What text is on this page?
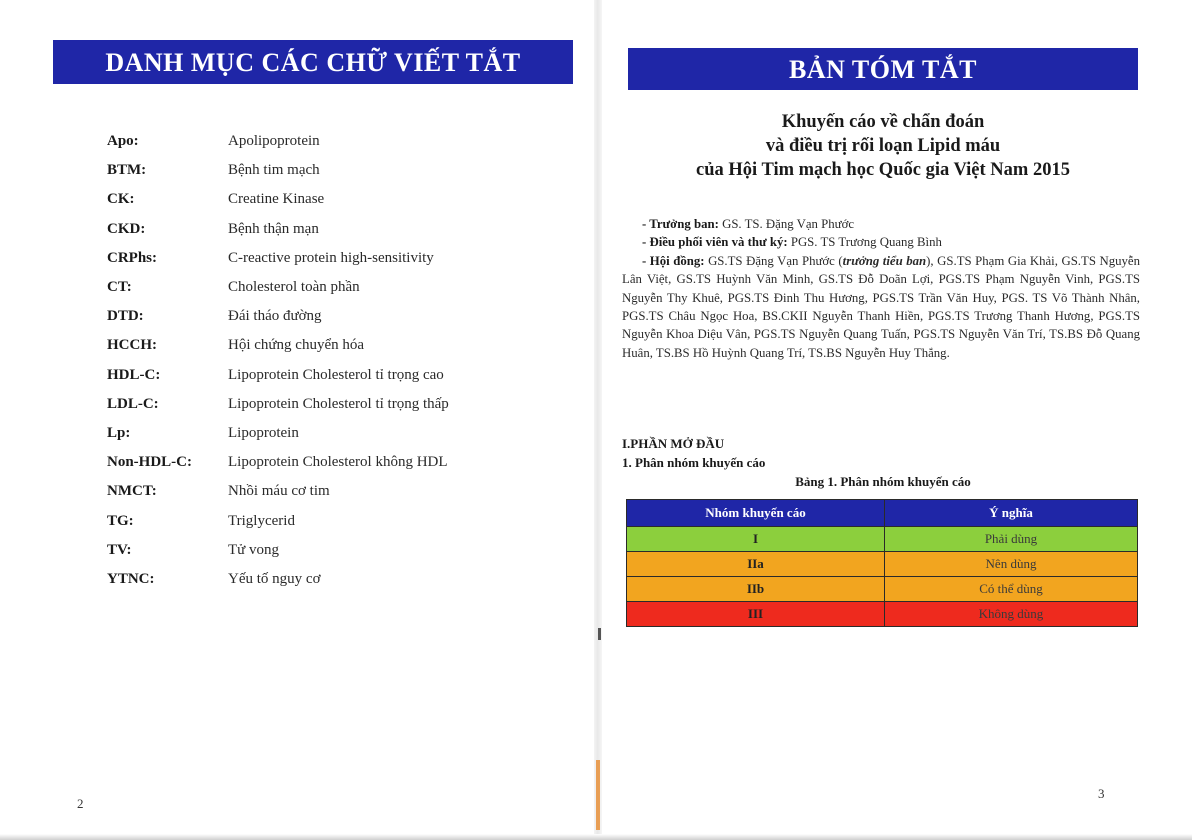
DANH MỤC CÁC CHỮ VIẾT TẮT
Apo:	Apolipoprotein
BTM:	Bệnh tim mạch
CK:	Creatine Kinase
CKD:	Bệnh thận mạn
CRPhs:	C-reactive protein high-sensitivity
CT:	Cholesterol toàn phần
DTD:	Đái tháo đường
HCCH:	Hội chứng chuyển hóa
HDL-C:	Lipoprotein Cholesterol tỉ trọng cao
LDL-C:	Lipoprotein Cholesterol tỉ trọng thấp
Lp:	Lipoprotein
Non-HDL-C:	Lipoprotein Cholesterol không HDL
NMCT:	Nhồi máu cơ tim
TG:	Triglycerid
TV:	Tử vong
YTNC:	Yếu tố nguy cơ
2
BẢN TÓM TẮT
Khuyến cáo về chẩn đoán
và điều trị rối loạn Lipid máu
của Hội Tim mạch học Quốc gia Việt Nam 2015
- Trưởng ban: GS. TS. Đặng Vạn Phước
- Điều phối viên và thư ký: PGS. TS Trương Quang Bình
- Hội đồng: GS.TS Đặng Vạn Phước (trưởng tiểu ban), GS.TS Phạm Gia Khải, GS.TS Nguyễn Lân Việt, GS.TS Huỳnh Văn Minh, GS.TS Đỗ Doãn Lợi, PGS.TS Phạm Nguyễn Vinh, PGS.TS Nguyễn Thy Khuê, PGS.TS Đinh Thu Hương, PGS.TS Trần Văn Huy, PGS. TS Võ Thành Nhân, PGS.TS Châu Ngọc Hoa, BS.CKII Nguyễn Thanh Hiền, PGS.TS Trương Thanh Hương, PGS.TS Nguyễn Khoa Diệu Vân, PGS.TS Nguyễn Quang Tuấn, PGS.TS Nguyễn Văn Trí, TS.BS Đỗ Quang Huân, TS.BS Hồ Huỳnh Quang Trí, TS.BS Nguyễn Huy Thắng.
I.PHẦN MỞ ĐẦU
1. Phân nhóm khuyến cáo
Bảng 1. Phân nhóm khuyến cáo
Nhóm khuyến cáo	Ý nghĩa
I	Phải dùng
IIa	Nên dùng
IIb	Có thể dùng
III	Không dùng
3
